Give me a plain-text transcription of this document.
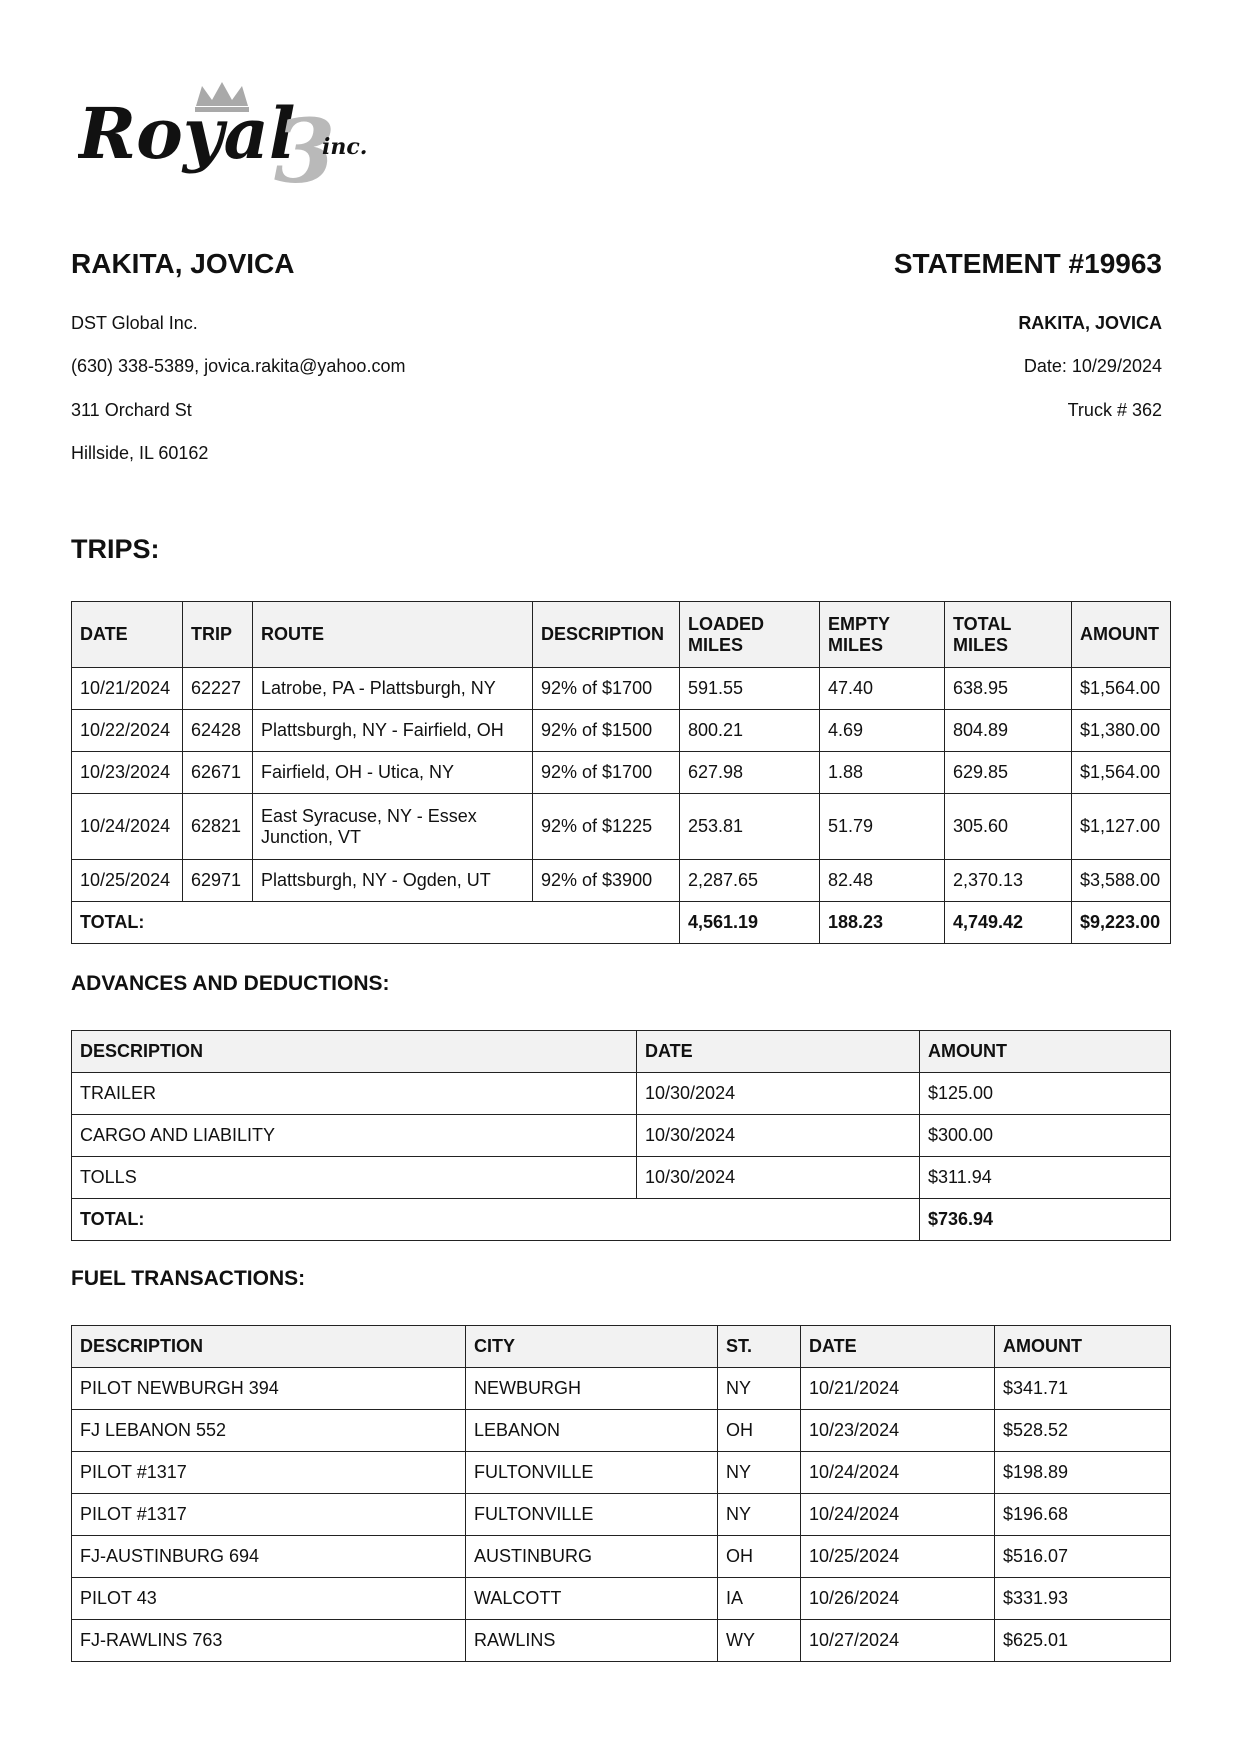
Royal
3
inc.
RAKITA, JOVICA
DST Global Inc.
(630) 338-5389, jovica.rakita@yahoo.com
311 Orchard St
Hillside, IL 60162
STATEMENT #19963
RAKITA, JOVICA
Date: 10/29/2024
Truck # 362
TRIPS:
DATE	TRIP	ROUTE	DESCRIPTION	LOADED MILES	EMPTY MILES	TOTAL MILES	AMOUNT
10/21/2024	62227	Latrobe, PA - Plattsburgh, NY	92% of $1700	591.55	47.40	638.95	$1,564.00
10/22/2024	62428	Plattsburgh, NY - Fairfield, OH	92% of $1500	800.21	4.69	804.89	$1,380.00
10/23/2024	62671	Fairfield, OH - Utica, NY	92% of $1700	627.98	1.88	629.85	$1,564.00
10/24/2024	62821	East Syracuse, NY - Essex Junction, VT	92% of $1225	253.81	51.79	305.60	$1,127.00
10/25/2024	62971	Plattsburgh, NY - Ogden, UT	92% of $3900	2,287.65	82.48	2,370.13	$3,588.00
TOTAL:				4,561.19	188.23	4,749.42	$9,223.00
ADVANCES AND DEDUCTIONS:
DESCRIPTION	DATE	AMOUNT
TRAILER	10/30/2024	$125.00
CARGO AND LIABILITY	10/30/2024	$300.00
TOLLS	10/30/2024	$311.94
TOTAL:		$736.94
FUEL TRANSACTIONS:
DESCRIPTION	CITY	ST.	DATE	AMOUNT
PILOT NEWBURGH 394	NEWBURGH	NY	10/21/2024	$341.71
FJ LEBANON 552	LEBANON	OH	10/23/2024	$528.52
PILOT #1317	FULTONVILLE	NY	10/24/2024	$198.89
PILOT #1317	FULTONVILLE	NY	10/24/2024	$196.68
FJ-AUSTINBURG 694	AUSTINBURG	OH	10/25/2024	$516.07
PILOT 43	WALCOTT	IA	10/26/2024	$331.93
FJ-RAWLINS 763	RAWLINS	WY	10/27/2024	$625.01
